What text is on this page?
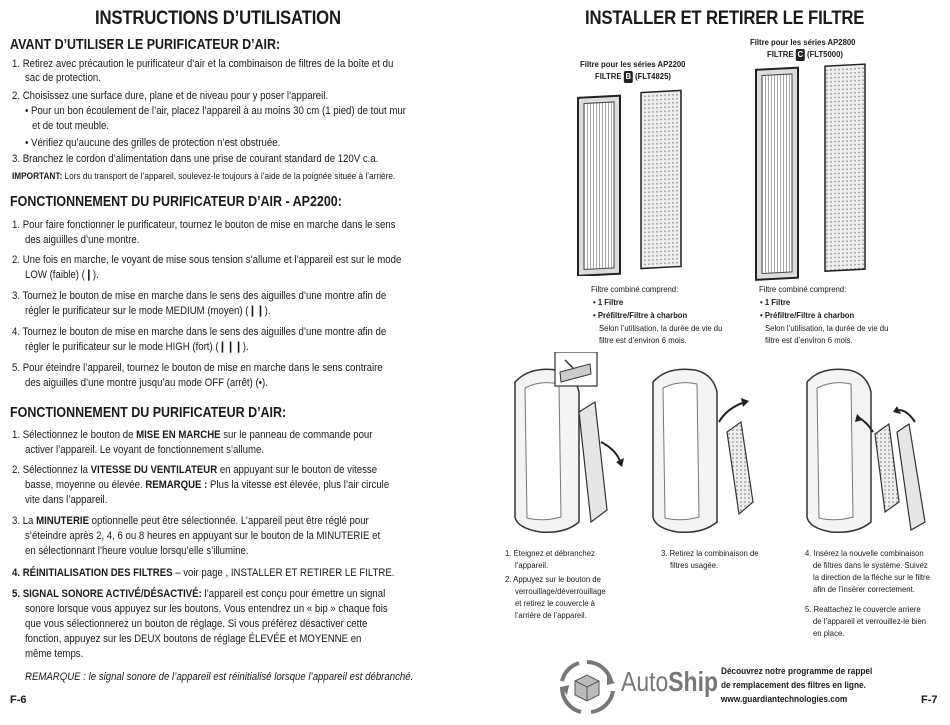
INSTRUCTIONS D’UTILISATION
AVANT D’UTILISER LE PURIFICATEUR D’AIR:
1. Retirez avec précaution le purificateur d’air et la combinaison de filtres de la boîte et du
sac de protection.
2. Choisissez une surface dure, plane et de niveau pour y poser l’appareil.
• Pour un bon écoulement de l’air, placez l’appareil à au moins 30 cm (1 pied) de tout mur
et de tout meuble.
• Vérifiez qu’aucune des grilles de protection n’est obstruée.
3. Branchez le cordon d’alimentation dans une prise de courant standard de 120V c.a.
IMPORTANT: Lors du transport de l’appareil, soulevez-le toujours à l’aide de la poignée située à l’arrière.
FONCTIONNEMENT DU PURIFICATEUR D’AIR - AP2200:
1. Pour faire fonctionner le purificateur, tournez le bouton de mise en marche dans le sens
des aiguilles d’une montre.
2. Une fois en marche, le voyant de mise sous tension s’allume et l’appareil est sur le mode
LOW (faible) (❙).
3. Tournez le bouton de mise en marche dans le sens des aiguilles d’une montre afin de
régler le purificateur sur le mode MEDIUM (moyen) (❙❙).
4. Tournez le bouton de mise en marche dans le sens des aiguilles d’une montre afin de
régler le purificateur sur le mode HIGH (fort) (❙❙❙).
5. Pour éteindre l’appareil, tournez le bouton de mise en marche dans le sens contraire
des aiguilles d’une montre jusqu’au mode OFF (arrêt) (•).
FONCTIONNEMENT DU PURIFICATEUR D’AIR:
1. Sélectionnez le bouton de MISE EN MARCHE sur le panneau de commande pour
activer l’appareil. Le voyant de fonctionnement s’allume.
2. Sélectionnez la VITESSE DU VENTILATEUR en appuyant sur le bouton de vitesse
basse, moyenne ou élevée. REMARQUE : Plus la vitesse est élevée, plus l’air circule
vite dans l’appareil.
3. La MINUTERIE optionnelle peut être sélectionnée. L’appareil peut être réglé pour
s’éteindre après 2, 4, 6 ou 8 heures en appuyant sur le bouton de la MINUTERIE et
en sélectionnant l’heure voulue lorsqu’elle s’illumine.
4. RÉINITIALISATION DES FILTRES – voir page , INSTALLER ET RETIRER LE FILTRE.
5. SIGNAL SONORE ACTIVÉ/DÉSACTIVÉ: l’appareil est conçu pour émettre un signal
sonore lorsque vous appuyez sur les boutons. Vous entendrez un « bip » chaque fois
que vous sélectionnerez un bouton de réglage. Si vous préférez désactiver cette
fonction, appuyez sur les DEUX boutons de réglage ÉLEVÉE et MOYENNE en
même temps.
REMARQUE : le signal sonore de l’appareil est réinitialisé lorsque l’appareil est débranché.
F-6
INSTALLER ET RETIRER LE FILTRE
Filtre pour les séries AP2200
FILTRE B (FLT4825)
Filtre pour les séries AP2800
FILTRE C (FLT5000)
Filtre combiné comprend:
• 1 Filtre
• Préfiltre/Filtre à charbon
Selon l’utilisation, la durée de vie du
filtre est d’environ 6 mois.
Filtre combiné comprend:
• 1 Filtre
• Préfiltre/Filtre à charbon
Selon l’utilisation, la durée de vie du
filtre est d’environ 6 mois.
1. Éteignez et débranchez
l’appareil.
2. Appuyez sur le bouton de
verrouillage/déverrouillage
et retirez le couvercle à
l’arrière de l’appareil.
3. Retirez la combinaison de
filtres usagée.
4. Insérez la nouvelle combinaison
de filtres dans le système. Suivez
la direction de la flèche sur le filtre
afin de l’insérer correctement.
5. Reattachez le couvercle arriere
de l’appareil et verrouillez-le bien
en place.
AutoShip Découvrez notre programme de rappel
de remplacement des filtres en ligne.
www.guardiantechnologies.com	F-7
